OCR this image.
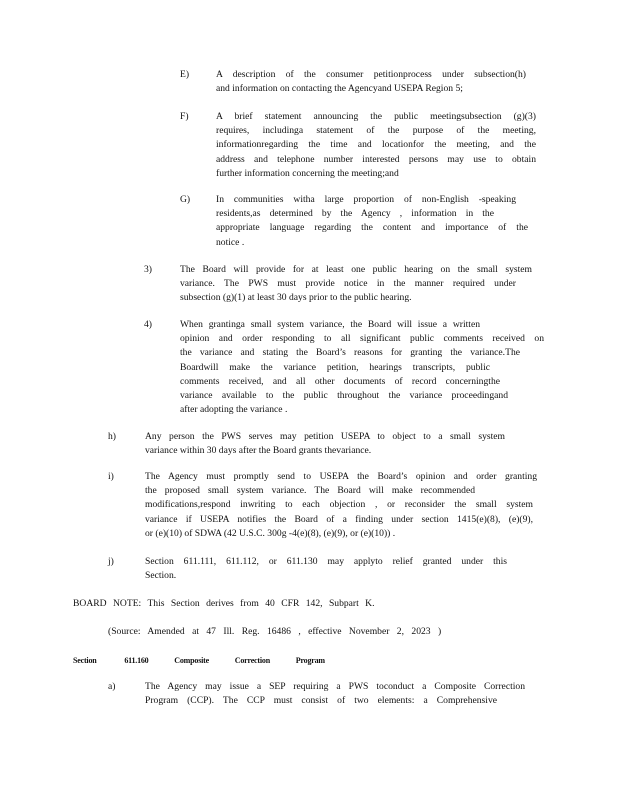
E)	A description of the consumer petitionprocess under subsection(h)
and information on contacting the Agencyand USEPA Region 5;
F)	A brief statement announcing the public meetingsubsection (g)(3)
requires, includinga statement of the purpose of the meeting,
informationregarding the time and locationfor the meeting, and the
address and telephone number interested persons may use to obtain
further information concerning the meeting;and
G)	In communities witha large proportion of non-English -speaking
residents,as determined by the Agency , information in the
appropriate language regarding the content and importance of the
notice .
3)	The Board will provide for at least one public hearing on the small system
variance. The PWS must provide notice in the manner required under
subsection (g)(1) at least 30 days prior to the public hearing.
4)	When grantinga small system variance, the Board will issue a written
opinion and order responding to all significant public comments received on
the variance and stating the Board’s reasons for granting the variance.The
Boardwill make the variance petition, hearings transcripts, public
comments received, and all other documents of record concerningthe
variance available to the public throughout the variance proceedingand
after adopting the variance .
h)	Any person the PWS serves may petition USEPA to object to a small system
variance within 30 days after the Board grants thevariance.
i)	The Agency must promptly send to USEPA the Board’s opinion and order granting
the proposed small system variance. The Board will make recommended
modifications,respond inwriting to each objection , or reconsider the small system
variance if USEPA notifies the Board of a finding under section 1415(e)(8), (e)(9),
or (e)(10) of SDWA (42 U.S.C. 300g -4(e)(8), (e)(9), or (e)(10)) .
j)	Section 611.111, 611.112, or 611.130 may applyto relief granted under this
Section.
BOARD NOTE: This Section derives from 40 CFR 142, Subpart K.
(Source: Amended at 47 Ill. Reg. 16486 , effective November 2, 2023 )
Section	611.160	Composite	Correction	Program
a)	The Agency may issue a SEP requiring a PWS toconduct a Composite Correction
Program (CCP). The CCP must consist of two elements: a Comprehensive
